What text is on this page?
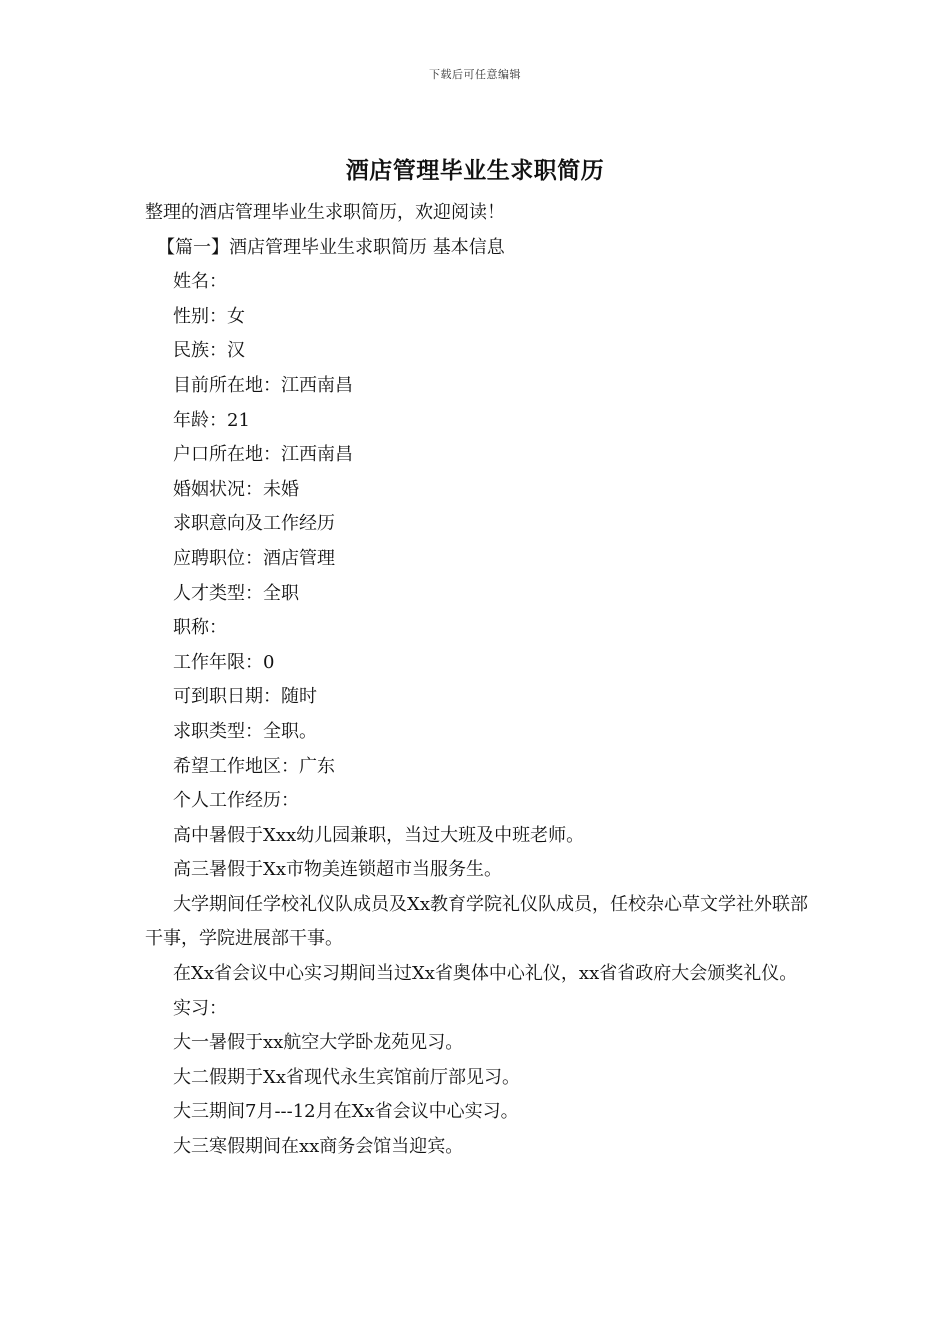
下载后可任意编辑
酒店管理毕业生求职简历

整理的酒店管理毕业生求职简历，欢迎阅读！

【篇一】酒店管理毕业生求职简历 基本信息

姓名：

性别：女

民族：汉

目前所在地：江西南昌

年龄：21

户口所在地：江西南昌

婚姻状况：未婚

求职意向及工作经历

应聘职位：酒店管理

人才类型：全职

职称：

工作年限：0

可到职日期：随时

求职类型：全职。

希望工作地区：广东

个人工作经历：

高中暑假于Xxx幼儿园兼职，当过大班及中班老师。

高三暑假于Xx市物美连锁超市当服务生。

大学期间任学校礼仪队成员及Xx教育学院礼仪队成员，任校杂心草文学社外联部干事，学院进展部干事。

在Xx省会议中心实习期间当过Xx省奥体中心礼仪，xx省省政府大会颁奖礼仪。

实习：

大一暑假于xx航空大学卧龙苑见习。

大二假期于Xx省现代永生宾馆前厅部见习。

大三期间7月---12月在Xx省会议中心实习。

大三寒假期间在xx商务会馆当迎宾。
